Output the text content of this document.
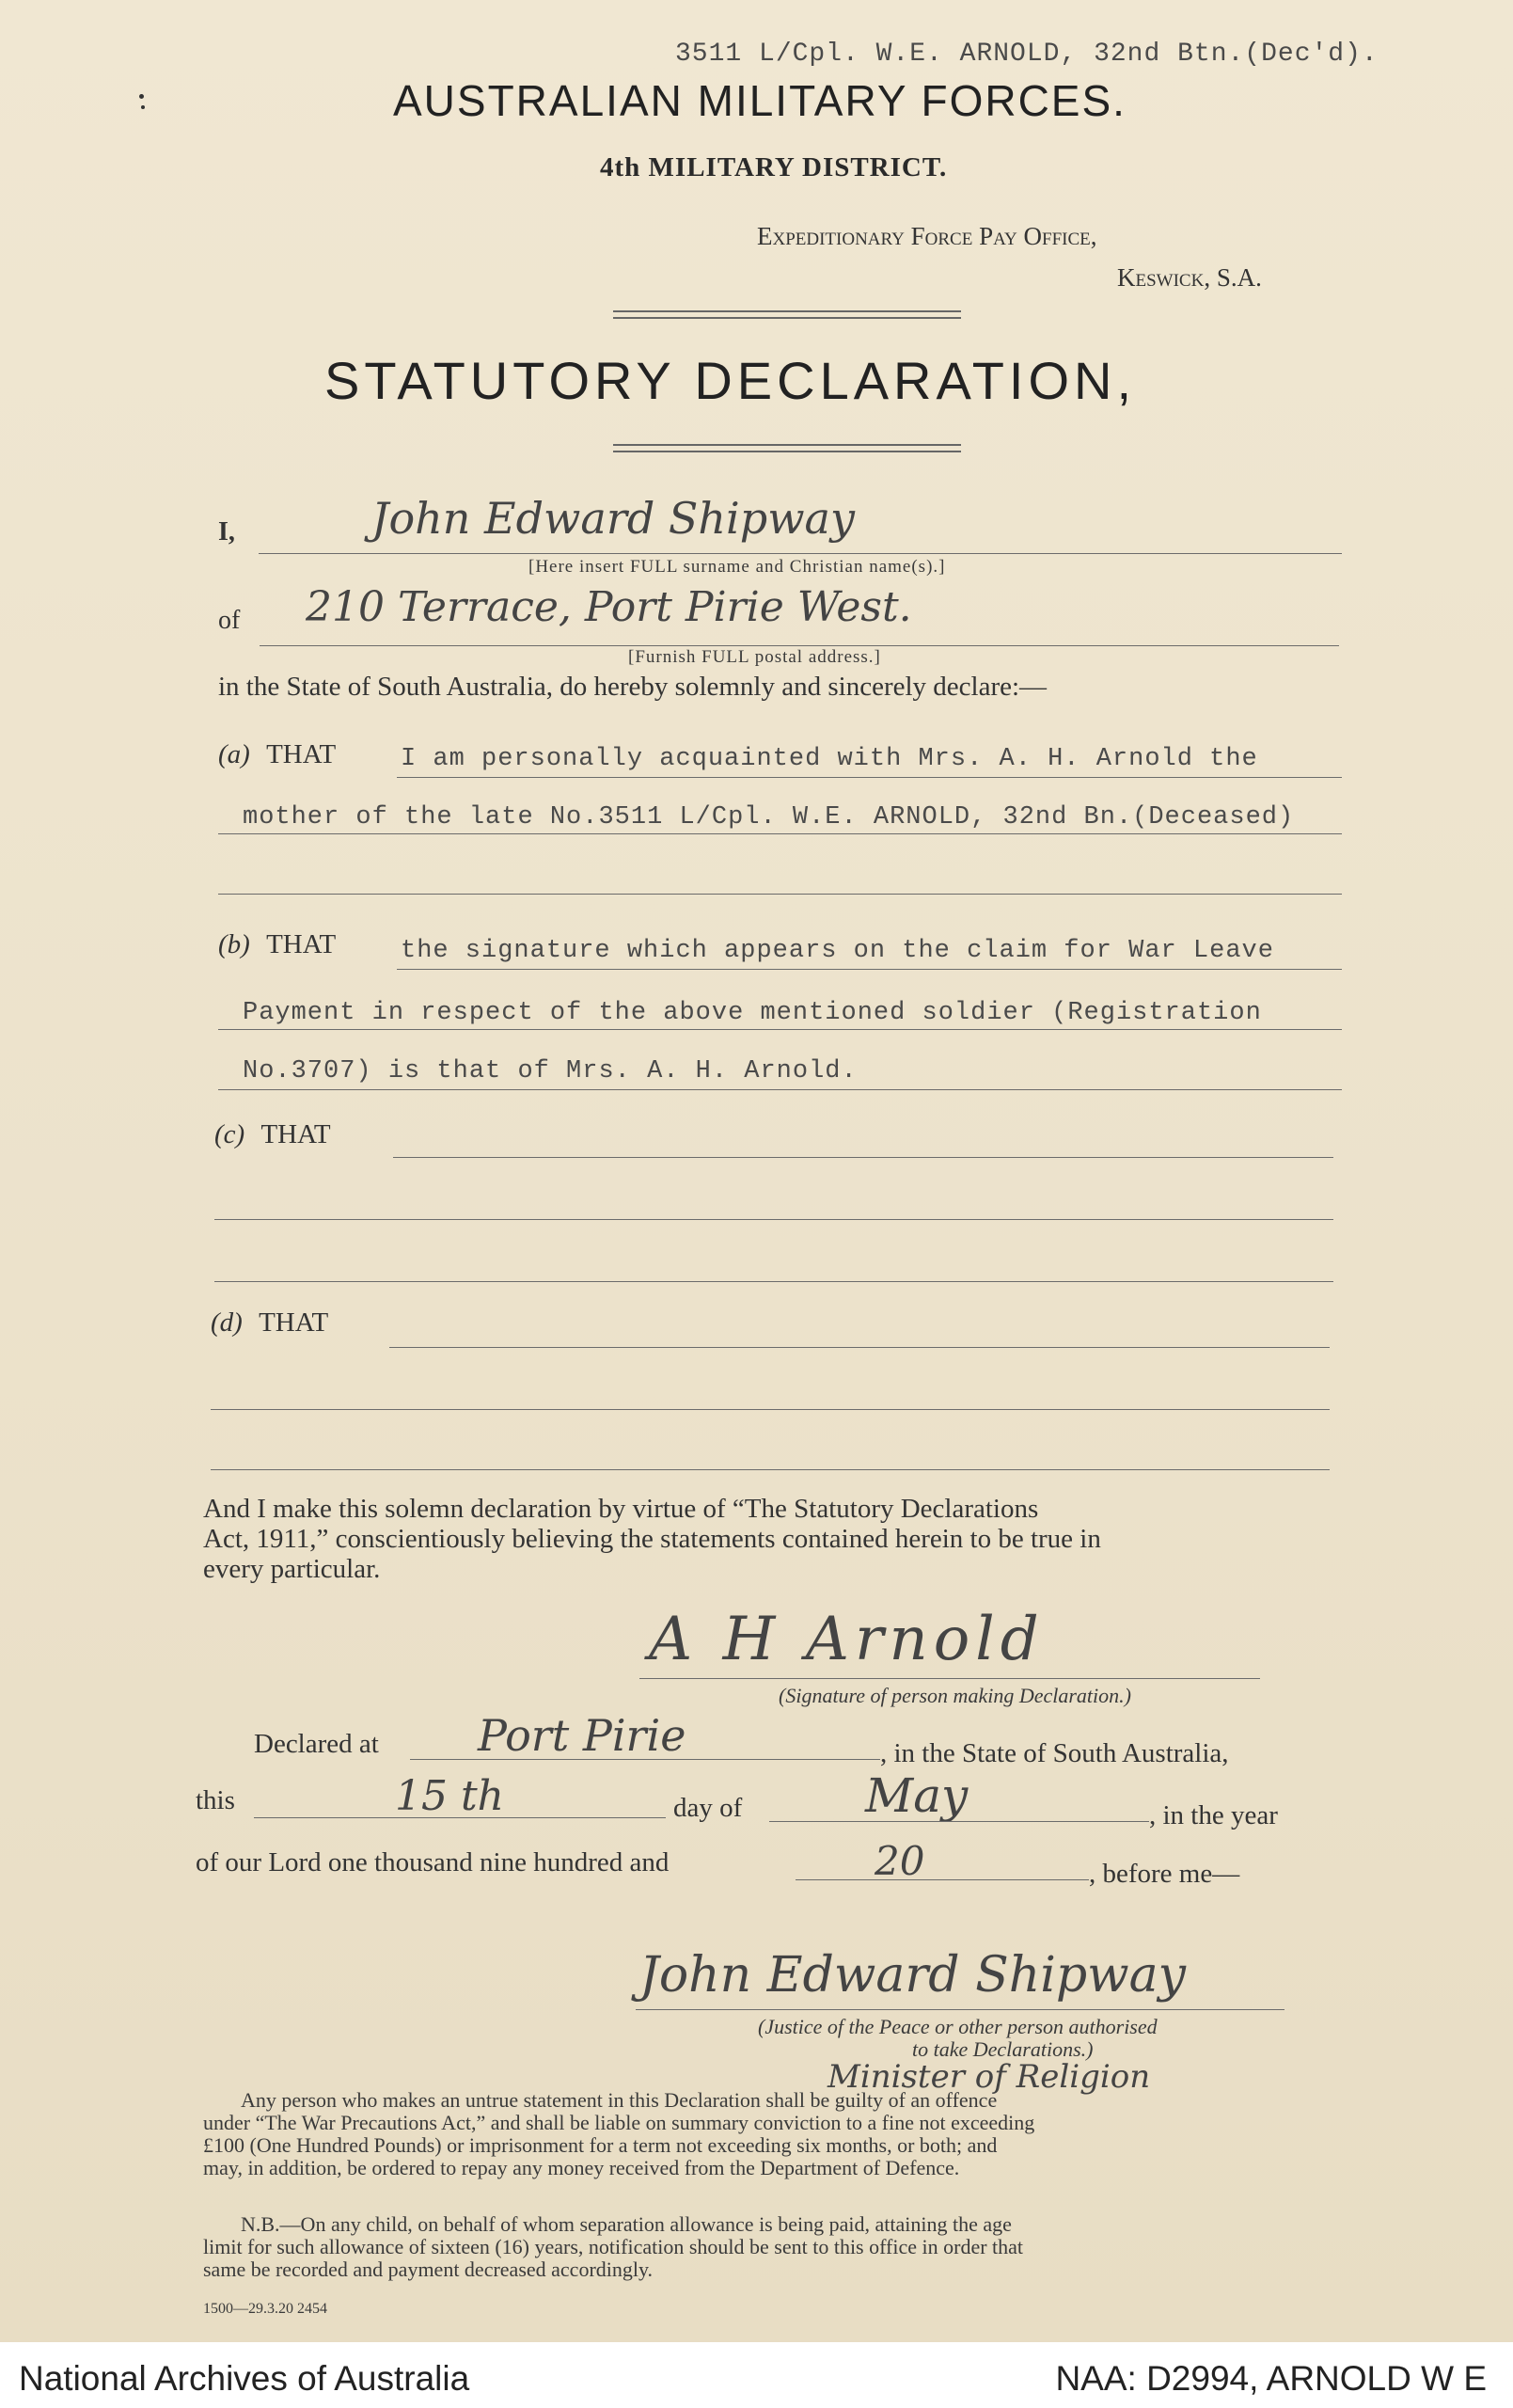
3511 L/Cpl. W.E. ARNOLD, 32nd Btn.(Dec'd).
AUSTRALIAN MILITARY FORCES.
4th MILITARY DISTRICT.
Expeditionary Force Pay Office,
Keswick, S.A.
STATUTORY DECLARATION,
I,	John Edward Shipway
[Here insert FULL surname and Christian name(s).]
of 210 Terrace, Port Pirie West.
[Furnish FULL postal address.]
in the State of South Australia, do hereby solemnly and sincerely declare:—
(a) THAT	I am personally acquainted with Mrs. A. H. Arnold the
mother of the late No.3511 L/Cpl. W.E. ARNOLD, 32nd Bn.(Deceased)
(b) THAT	the signature which appears on the claim for War Leave
Payment in respect of the above mentioned soldier (Registration
No.3707) is that of Mrs. A. H. Arnold.
(c) THAT
(d) THAT
And I make this solemn declaration by virtue of “The Statutory Declarations
Act, 1911,” conscientiously believing the statements contained herein to be true in
every particular.
A H Arnold
(Signature of person making Declaration.)
Declared at Port Pirie	, in the State of South Australia,
this	15 th	day of	May	, in the year
of our Lord one thousand nine hundred and	20	, before me—
John Edward Shipway
(Justice of the Peace or other person authorised
to take Declarations.)
Minister of Religion
Any person who makes an untrue statement in this Declaration shall be guilty of an offence
under “The War Precautions Act,” and shall be liable on summary conviction to a fine not exceeding
£100 (One Hundred Pounds) or imprisonment for a term not exceeding six months, or both; and
may, in addition, be ordered to repay any money received from the Department of Defence.
N.B.—On any child, on behalf of whom separation allowance is being paid, attaining the age
limit for such allowance of sixteen (16) years, notification should be sent to this office in order that
same be recorded and payment decreased accordingly.
1500—29.3.20 2454
National Archives of Australia	NAA: D2994, ARNOLD W E
